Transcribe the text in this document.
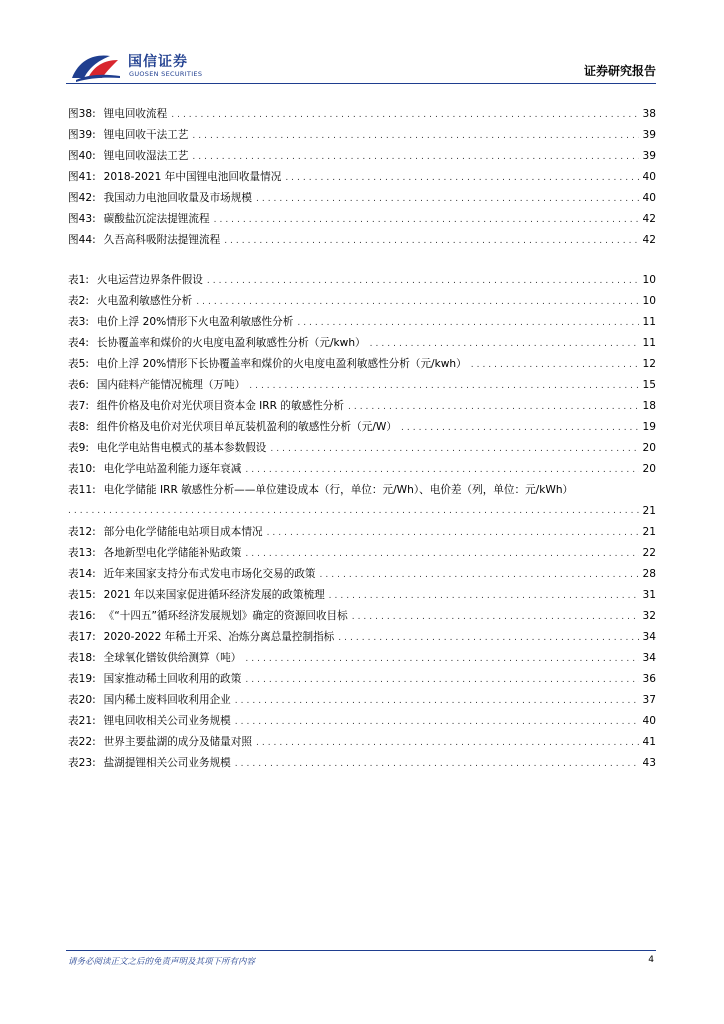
国信证券
GUOSEN SECURITIES	证券研究报告
图38: 锂电回收流程 .....	38
图39: 锂电回收干法工艺 .....	39
图40: 锂电回收湿法工艺 .....	39
图41: 2018-2021 年中国锂电池回收量情况 .....	40
图42: 我国动力电池回收量及市场规模 .....	40
图43: 碳酸盐沉淀法提锂流程 .....	42
图44: 久吾高科吸附法提锂流程 .....	42
表1: 火电运营边界条件假设 .....	10
表2: 火电盈利敏感性分析 .....	10
表3: 电价上浮 20%情形下火电盈利敏感性分析 .....	11
表4: 长协覆盖率和煤价的火电度电盈利敏感性分析（元/kwh） .....	11
表5: 电价上浮 20%情形下长协覆盖率和煤价的火电度电盈利敏感性分析（元/kwh） .....	12
表6: 国内硅料产能情况梳理（万吨） .....	15
表7: 组件价格及电价对光伏项目资本金 IRR 的敏感性分析 .....	18
表8: 组件价格及电价对光伏项目单瓦装机盈利的敏感性分析（元/W） .....	19
表9: 电化学电站售电模式的基本参数假设 .....	20
表10: 电化学电站盈利能力逐年衰减 .....	20
表11: 电化学储能 IRR 敏感性分析——单位建设成本（行，单位：元/Wh）、电价差（列，单位：元/kWh）
.....
21
表12: 部分电化学储能电站项目成本情况 .....	21
表13: 各地新型电化学储能补贴政策 .....	22
表14: 近年来国家支持分布式发电市场化交易的政策 .....	28
表15: 2021 年以来国家促进循环经济发展的政策梳理 .....	31
表16: 《“十四五”循环经济发展规划》确定的资源回收目标 .....	32
表17: 2020-2022 年稀土开采、冶炼分离总量控制指标 .....	34
表18: 全球氧化镨钕供给测算（吨） .....	34
表19: 国家推动稀土回收利用的政策 .....	36
表20: 国内稀土废料回收利用企业 .....	37
表21: 锂电回收相关公司业务规模 .....	40
表22: 世界主要盐湖的成分及储量对照 .....	41
表23: 盐湖提锂相关公司业务规模 .....	43
请务必阅读正文之后的免责声明及其项下所有内容	4
